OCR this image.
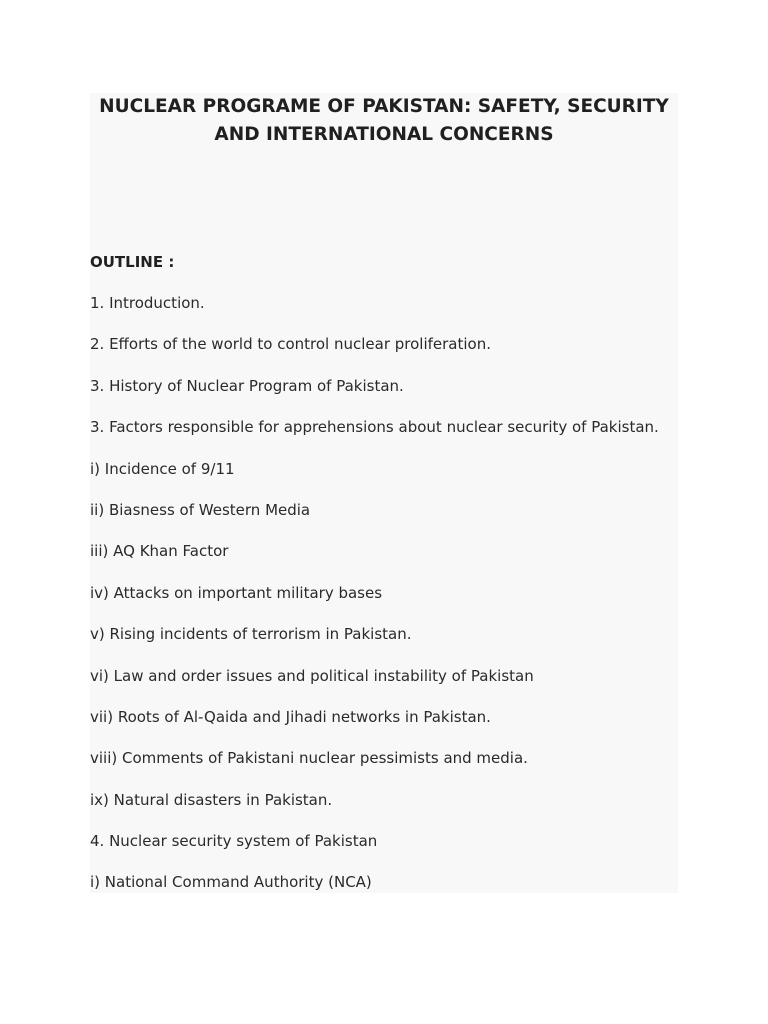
NUCLEAR PROGRAME OF PAKISTAN: SAFETY, SECURITY
AND INTERNATIONAL CONCERNS

OUTLINE :

1. Introduction.
2. Efforts of the world to control nuclear proliferation.
3. History of Nuclear Program of Pakistan.
3. Factors responsible for apprehensions about nuclear security of Pakistan.
i) Incidence of 9/11
ii) Biasness of Western Media
iii) AQ Khan Factor
iv) Attacks on important military bases
v) Rising incidents of terrorism in Pakistan.
vi) Law and order issues and political instability of Pakistan
vii) Roots of Al-Qaida and Jihadi networks in Pakistan.
viii) Comments of Pakistani nuclear pessimists and media.
ix) Natural disasters in Pakistan.
4. Nuclear security system of Pakistan
i) National Command Authority (NCA)
